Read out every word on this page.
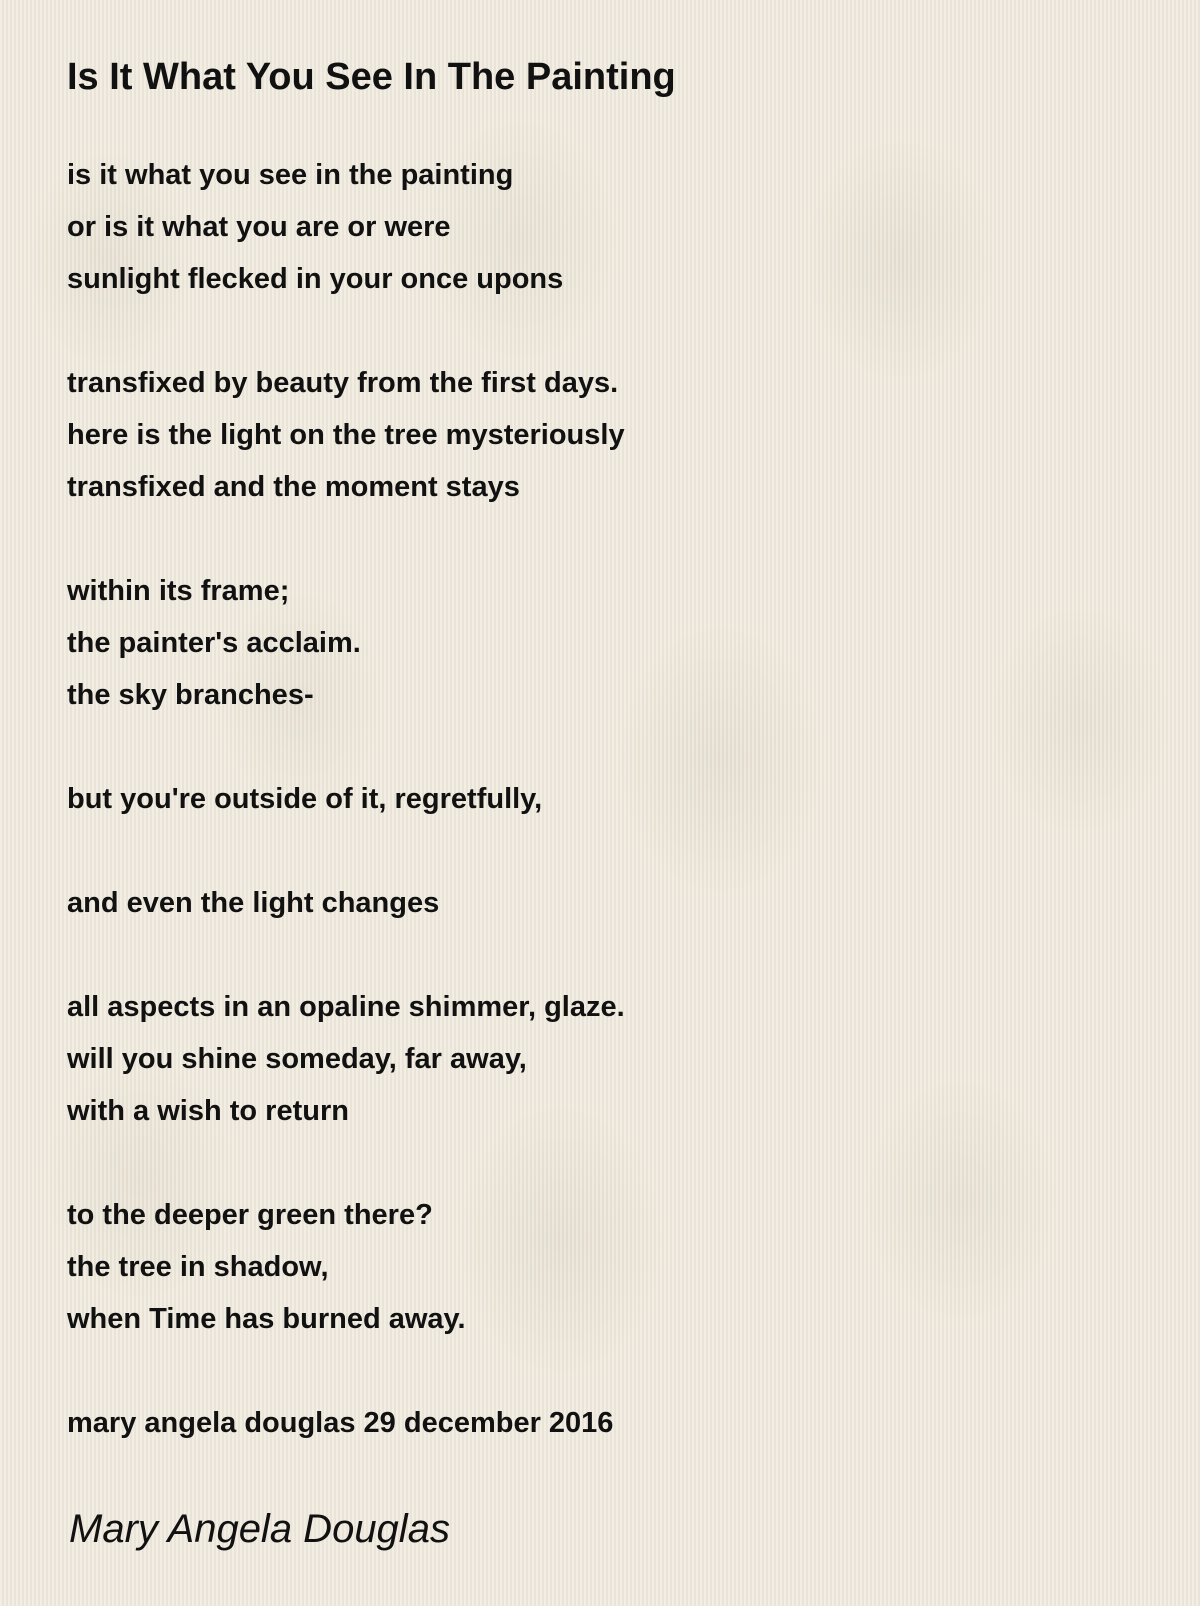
Is It What You See In The Painting
is it what you see in the painting
or is it what you are or were
sunlight flecked in your once upons
transfixed by beauty from the first days.
here is the light on the tree mysteriously
transfixed and the moment stays
within its frame;
the painter's acclaim.
the sky branches-
but you're outside of it, regretfully,
and even the light changes
all aspects in an opaline shimmer, glaze.
will you shine someday, far away,
with a wish to return
to the deeper green there?
the tree in shadow,
when Time has burned away.
mary angela douglas 29 december 2016
Mary Angela Douglas
